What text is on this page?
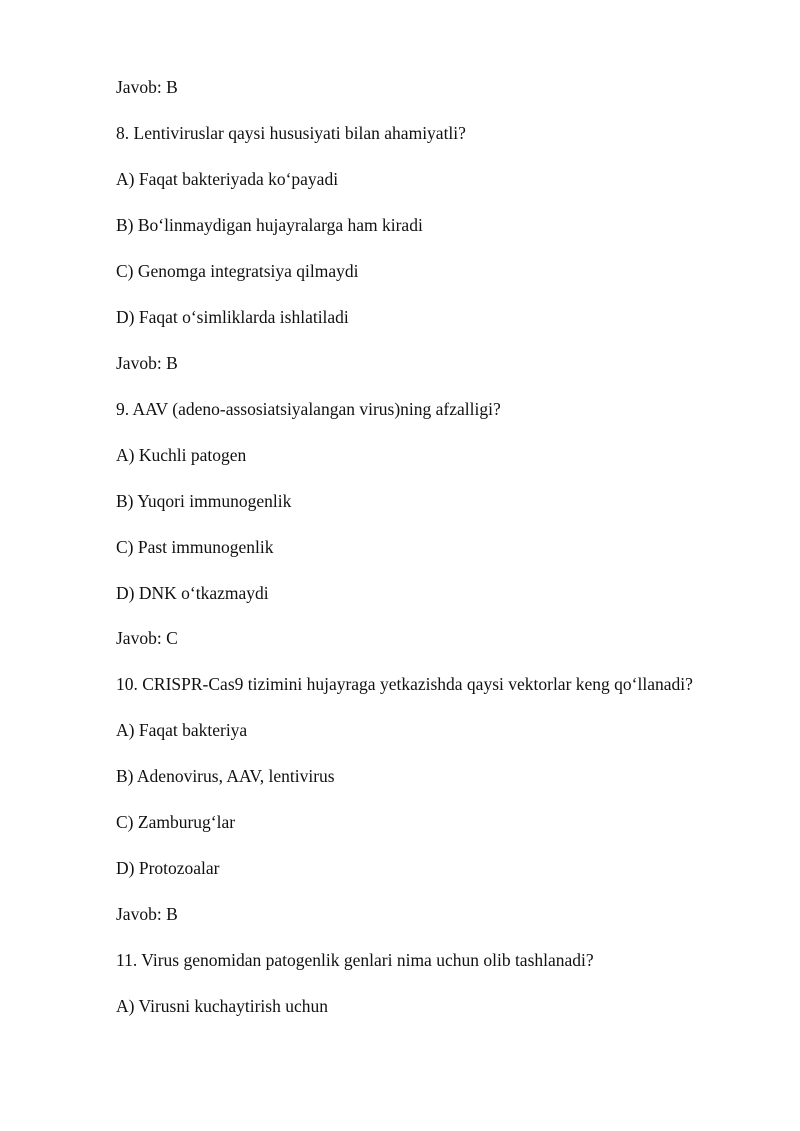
Javob: B

8. Lentiviruslar qaysi hususiyati bilan ahamiyatli?

A) Faqat bakteriyada ko‘payadi

B) Bo‘linmaydigan hujayralarga ham kiradi

C) Genomga integratsiya qilmaydi

D) Faqat o‘simliklarda ishlatiladi

Javob: B

9. AAV (adeno-assosiatsiyalangan virus)ning afzalligi?

A) Kuchli patogen

B) Yuqori immunogenlik

C) Past immunogenlik

D) DNK o‘tkazmaydi

Javob: C

10. CRISPR-Cas9 tizimini hujayraga yetkazishda qaysi vektorlar keng qo‘llanadi?

A) Faqat bakteriya

B) Adenovirus, AAV, lentivirus

C) Zamburug‘lar

D) Protozoalar

Javob: B

11. Virus genomidan patogenlik genlari nima uchun olib tashlanadi?

A) Virusni kuchaytirish uchun
